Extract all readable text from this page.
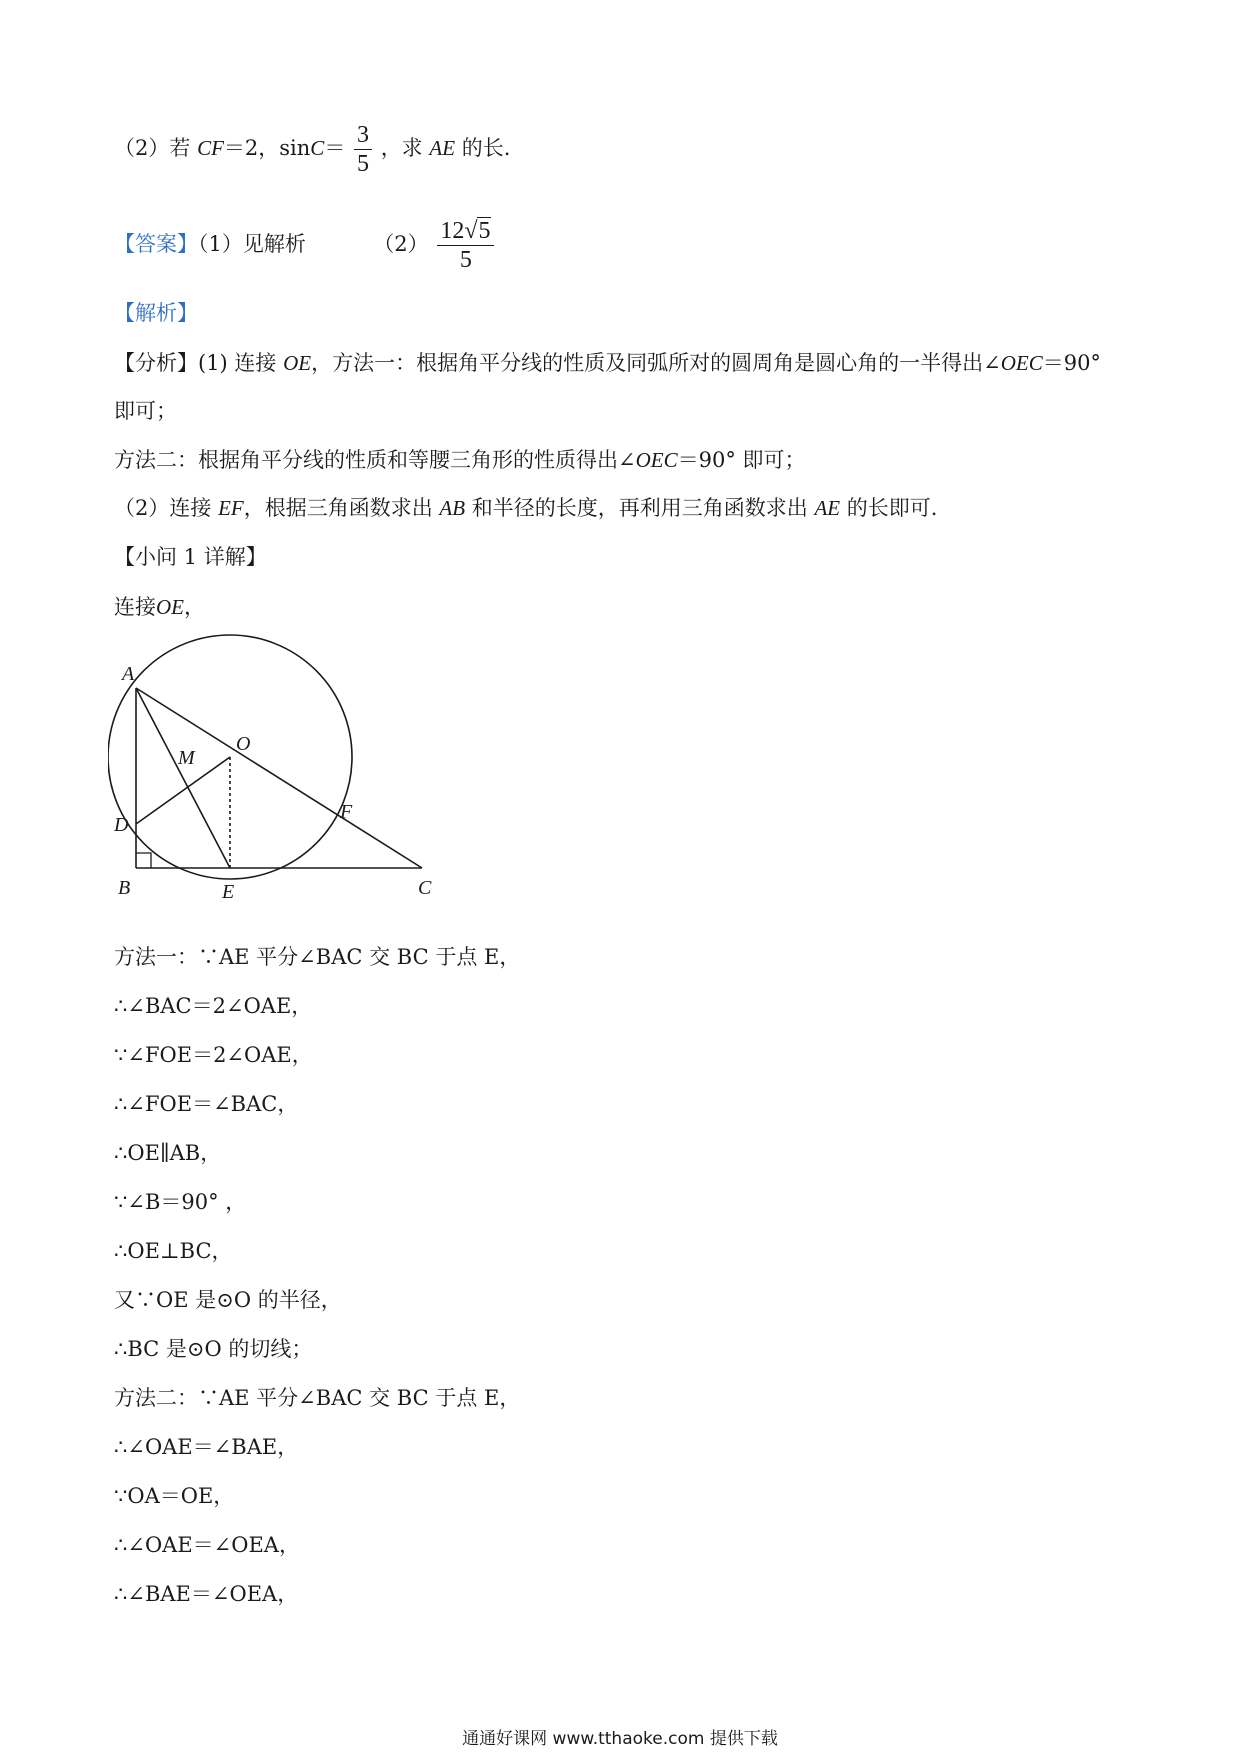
（2）若 CF＝2，$\sin C= \frac{3}{5}$ ，求 AE 的长.
【答案】（1）见解析	$(2) \frac{12√5}{5}$
【解析】
【分析】(1) 连接 OE，方法一：根据角平分线的性质及同弧所对的圆周角是圆心角的一半得出∠OEC＝90°
即可；
方法二：根据角平分线的性质和等腰三角形的性质得出∠OEC＝90° 即可；
（2）连接 EF，根据三角函数求出 AB 和半径的长度，再利用三角函数求出 AE 的长即可.
【小问 1 详解】
连接OE，
A
O
M
F
D
B	E	C
方法一：∵AE 平分∠BAC 交 BC 于点 E，
∴∠BAC＝2∠OAE，
∵∠FOE＝2∠OAE，
∴∠FOE＝∠BAC，
∴OE∥AB，
∵∠B＝90° ，
∴OE⊥BC，
又∵OE 是⊙O 的半径，
∴BC 是⊙O 的切线；
方法二：∵AE 平分∠BAC 交 BC 于点 E，
∴∠OAE＝∠BAE，
∵OA＝OE，
∴∠OAE＝∠OEA，
∴∠BAE＝∠OEA，
通通好课网 www.tthaoke.com 提供下载
